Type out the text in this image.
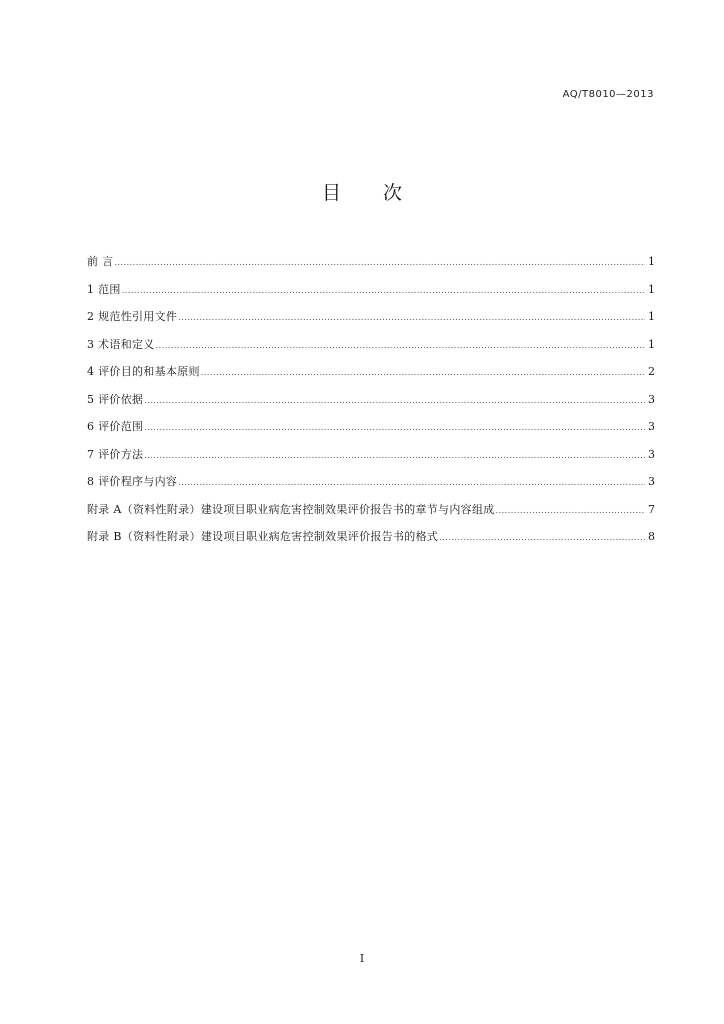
AQ/T8010—2013
目 次
前 言 .....	1
1 范围 .....	1
2 规范性引用文件 .....	1
3 术语和定义 .....	1
4 评价目的和基本原则 .....	2
5 评价依据 .....	3
6 评价范围 .....	3
7 评价方法 .....	3
8 评价程序与内容 .....	3
附录 A（资料性附录）建设项目职业病危害控制效果评价报告书的章节与内容组成 .....	7
附录 B（资料性附录）建设项目职业病危害控制效果评价报告书的格式 .....	8
I
